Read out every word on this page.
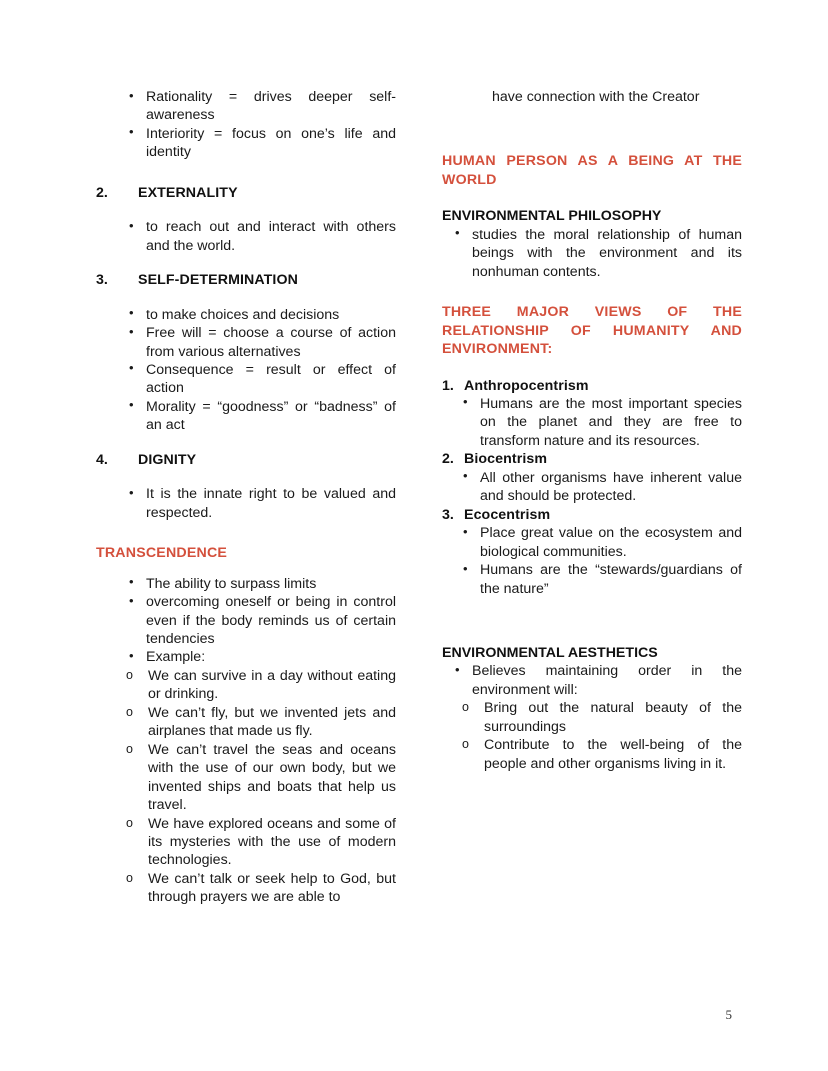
• Rationality = drives deeper self-awareness
• Interiority = focus on one’s life and identity
2.	EXTERNALITY
• to reach out and interact with others and the world.
3.	SELF-DETERMINATION
• to make choices and decisions
• Free will = choose a course of action from various alternatives
• Consequence = result or effect of action
• Morality = “goodness” or “badness” of an act
4.	DIGNITY
• It is the innate right to be valued and respected.
TRANSCENDENCE
• The ability to surpass limits
• overcoming oneself or being in control even if the body reminds us of certain tendencies
• Example:
o We can survive in a day without eating or drinking.
o We can’t fly, but we invented jets and airplanes that made us fly.
o We can’t travel the seas and oceans with the use of our own body, but we invented ships and boats that help us travel.
o We have explored oceans and some of its mysteries with the use of modern technologies.
o We can’t talk or seek help to God, but through prayers we are able to
have connection with the Creator
HUMAN PERSON AS A BEING AT THE WORLD
ENVIRONMENTAL PHILOSOPHY
• studies the moral relationship of human beings with the environment and its nonhuman contents.
THREE MAJOR VIEWS OF THE RELATIONSHIP OF HUMANITY AND ENVIRONMENT:
1. Anthropocentrism
• Humans are the most important species on the planet and they are free to transform nature and its resources.
2. Biocentrism
• All other organisms have inherent value and should be protected.
3. Ecocentrism
• Place great value on the ecosystem and biological communities.
• Humans are the “stewards/guardians of the nature”
ENVIRONMENTAL AESTHETICS
• Believes maintaining order in the environment will:
o Bring out the natural beauty of the surroundings
o Contribute to the well-being of the people and other organisms living in it.
5
